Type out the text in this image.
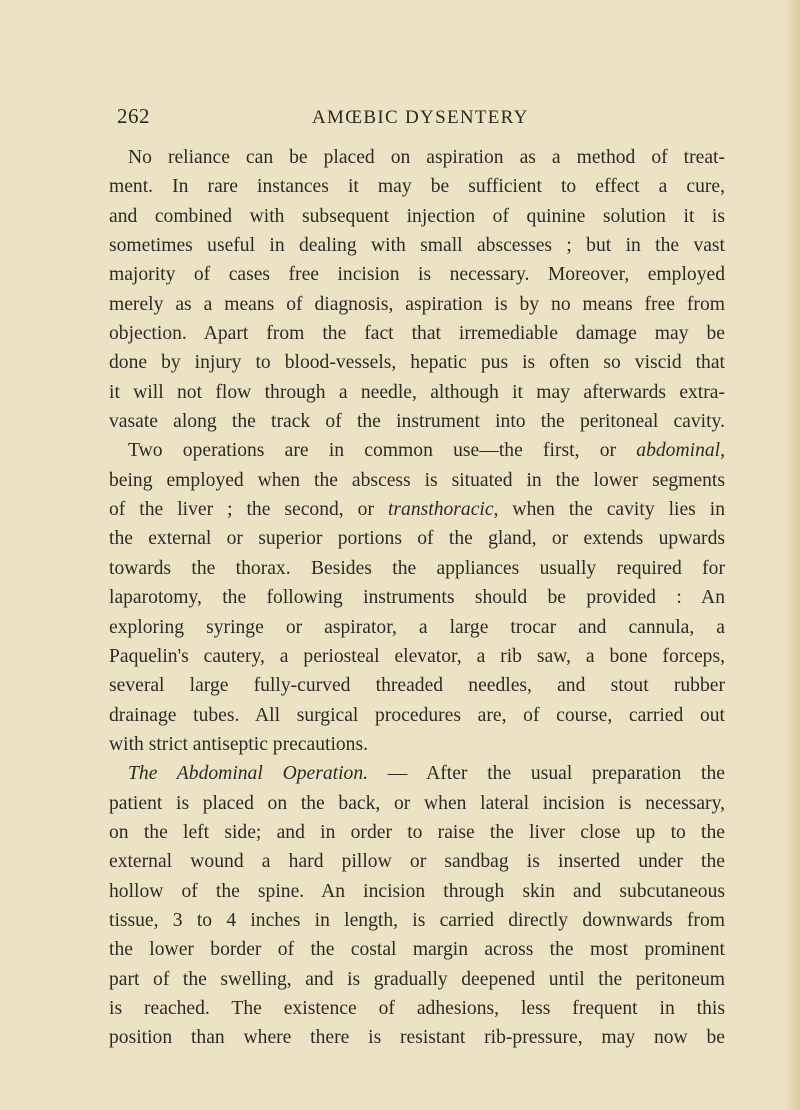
262	AMŒBIC DYSENTERY
No reliance can be placed on aspiration as a method of treat-
ment. In rare instances it may be sufficient to effect a cure,
and combined with subsequent injection of quinine solution it is
sometimes useful in dealing with small abscesses ; but in the vast
majority of cases free incision is necessary. Moreover, employed
merely as a means of diagnosis, aspiration is by no means free from
objection. Apart from the fact that irremediable damage may be
done by injury to blood-vessels, hepatic pus is often so viscid that
it will not flow through a needle, although it may afterwards extra-
vasate along the track of the instrument into the peritoneal cavity.
Two operations are in common use—the first, or abdominal,
being employed when the abscess is situated in the lower segments
of the liver ; the second, or transthoracic, when the cavity lies in
the external or superior portions of the gland, or extends upwards
towards the thorax. Besides the appliances usually required for
laparotomy, the following instruments should be provided : An
exploring syringe or aspirator, a large trocar and cannula, a
Paquelin's cautery, a periosteal elevator, a rib saw, a bone forceps,
several large fully-curved threaded needles, and stout rubber
drainage tubes. All surgical procedures are, of course, carried out
with strict antiseptic precautions.
The Abdominal Operation. — After the usual preparation the
patient is placed on the back, or when lateral incision is necessary,
on the left side; and in order to raise the liver close up to the
external wound a hard pillow or sandbag is inserted under the
hollow of the spine. An incision through skin and subcutaneous
tissue, 3 to 4 inches in length, is carried directly downwards from
the lower border of the costal margin across the most prominent
part of the swelling, and is gradually deepened until the peritoneum
is reached. The existence of adhesions, less frequent in this
position than where there is resistant rib-pressure, may now be
